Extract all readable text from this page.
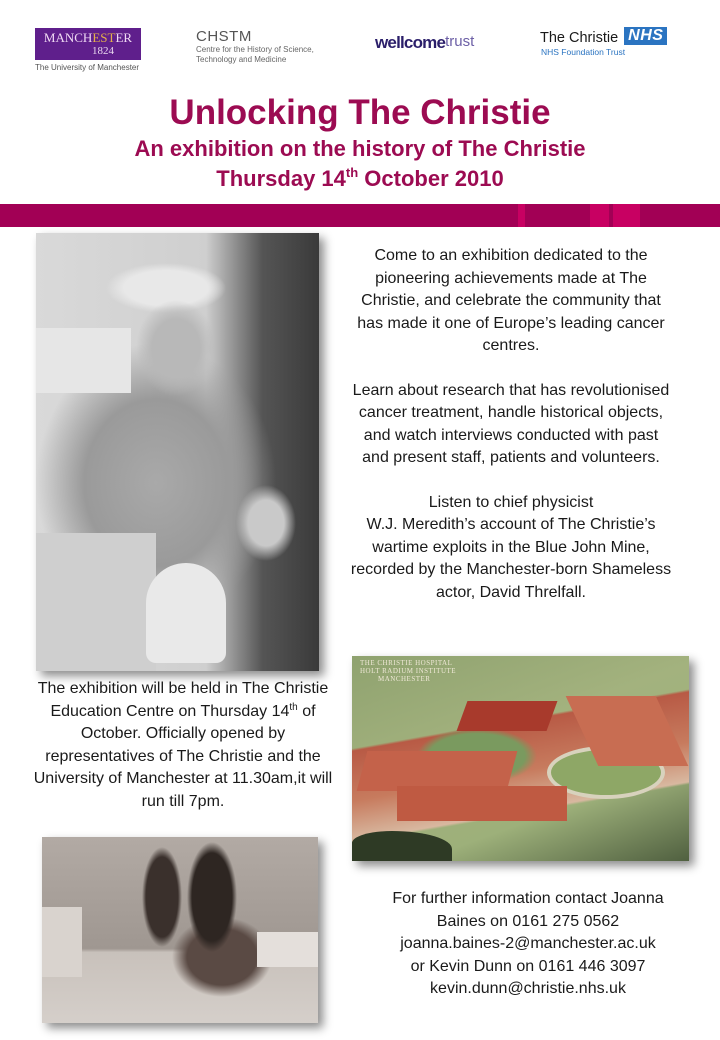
MANCHESTER
1824
The University of Manchester
CHSTM
Centre for the History of Science,
Technology and Medicine
wellcometrust	The Christie NHS
NHS Foundation Trust
Unlocking The Christie
An exhibition on the history of The Christie
Thursday 14th October 2010

Come to an exhibition dedicated to the pioneering achievements made at The Christie, and celebrate the community that has made it one of Europe’s leading cancer centres.

Learn about research that has revolutionised cancer treatment, handle historical objects, and watch interviews conducted with past and present staff, patients and volunteers.

Listen to chief physicist
W.J. Meredith’s account of The Christie’s wartime exploits in the Blue John Mine, recorded by the Manchester-born Shameless actor, David Threlfall.

THE CHRISTIE HOSPITAL
HOLT RADIUM INSTITUTE
MANCHESTER

The exhibition will be held in The Christie Education Centre on Thursday 14th of October. Officially opened by representatives of The Christie and the University of Manchester at 11.30am,it will run till 7pm.

For further information contact Joanna

Baines on 0161 275 0562

joanna.baines-2@manchester.ac.uk

or Kevin Dunn on 0161 446 3097

kevin.dunn@christie.nhs.uk
